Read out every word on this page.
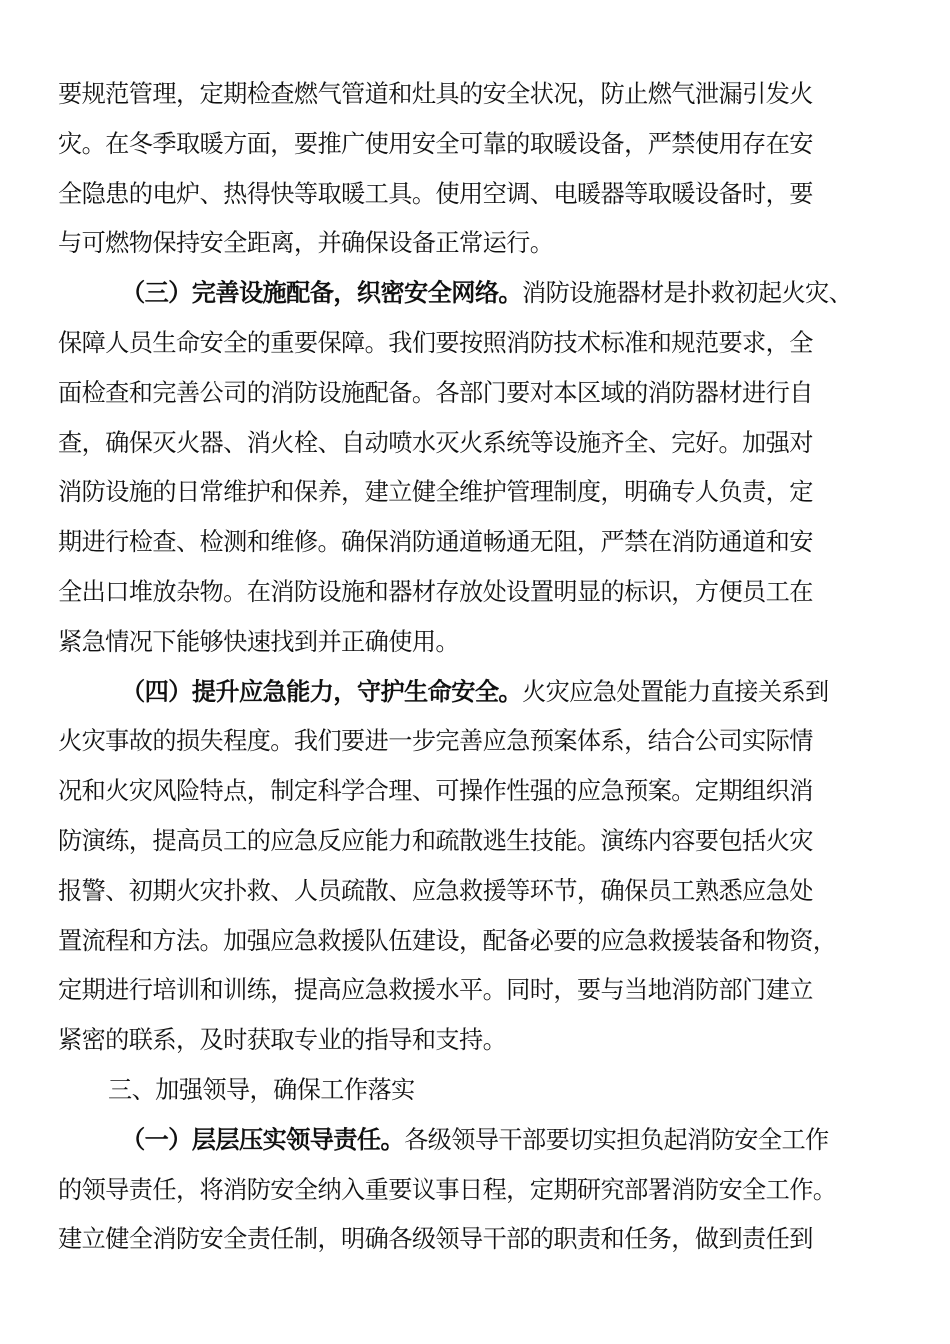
要规范管理，定期检查燃气管道和灶具的安全状况，防止燃气泄漏引发火
灾。在冬季取暖方面，要推广使用安全可靠的取暖设备，严禁使用存在安
全隐患的电炉、热得快等取暖工具。使用空调、电暖器等取暖设备时，要
与可燃物保持安全距离，并确保设备正常运行。
（三）完善设施配备，织密安全网络。消防设施器材是扑救初起火灾、
保障人员生命安全的重要保障。我们要按照消防技术标准和规范要求，全
面检查和完善公司的消防设施配备。各部门要对本区域的消防器材进行自
查，确保灭火器、消火栓、自动喷水灭火系统等设施齐全、完好。加强对
消防设施的日常维护和保养，建立健全维护管理制度，明确专人负责，定
期进行检查、检测和维修。确保消防通道畅通无阻，严禁在消防通道和安
全出口堆放杂物。在消防设施和器材存放处设置明显的标识，方便员工在
紧急情况下能够快速找到并正确使用。
（四）提升应急能力，守护生命安全。火灾应急处置能力直接关系到
火灾事故的损失程度。我们要进一步完善应急预案体系，结合公司实际情
况和火灾风险特点，制定科学合理、可操作性强的应急预案。定期组织消
防演练，提高员工的应急反应能力和疏散逃生技能。演练内容要包括火灾
报警、初期火灾扑救、人员疏散、应急救援等环节，确保员工熟悉应急处
置流程和方法。加强应急救援队伍建设，配备必要的应急救援装备和物资，
定期进行培训和训练，提高应急救援水平。同时，要与当地消防部门建立
紧密的联系，及时获取专业的指导和支持。
三、加强领导，确保工作落实
（一）层层压实领导责任。各级领导干部要切实担负起消防安全工作
的领导责任，将消防安全纳入重要议事日程，定期研究部署消防安全工作。
建立健全消防安全责任制，明确各级领导干部的职责和任务，做到责任到
